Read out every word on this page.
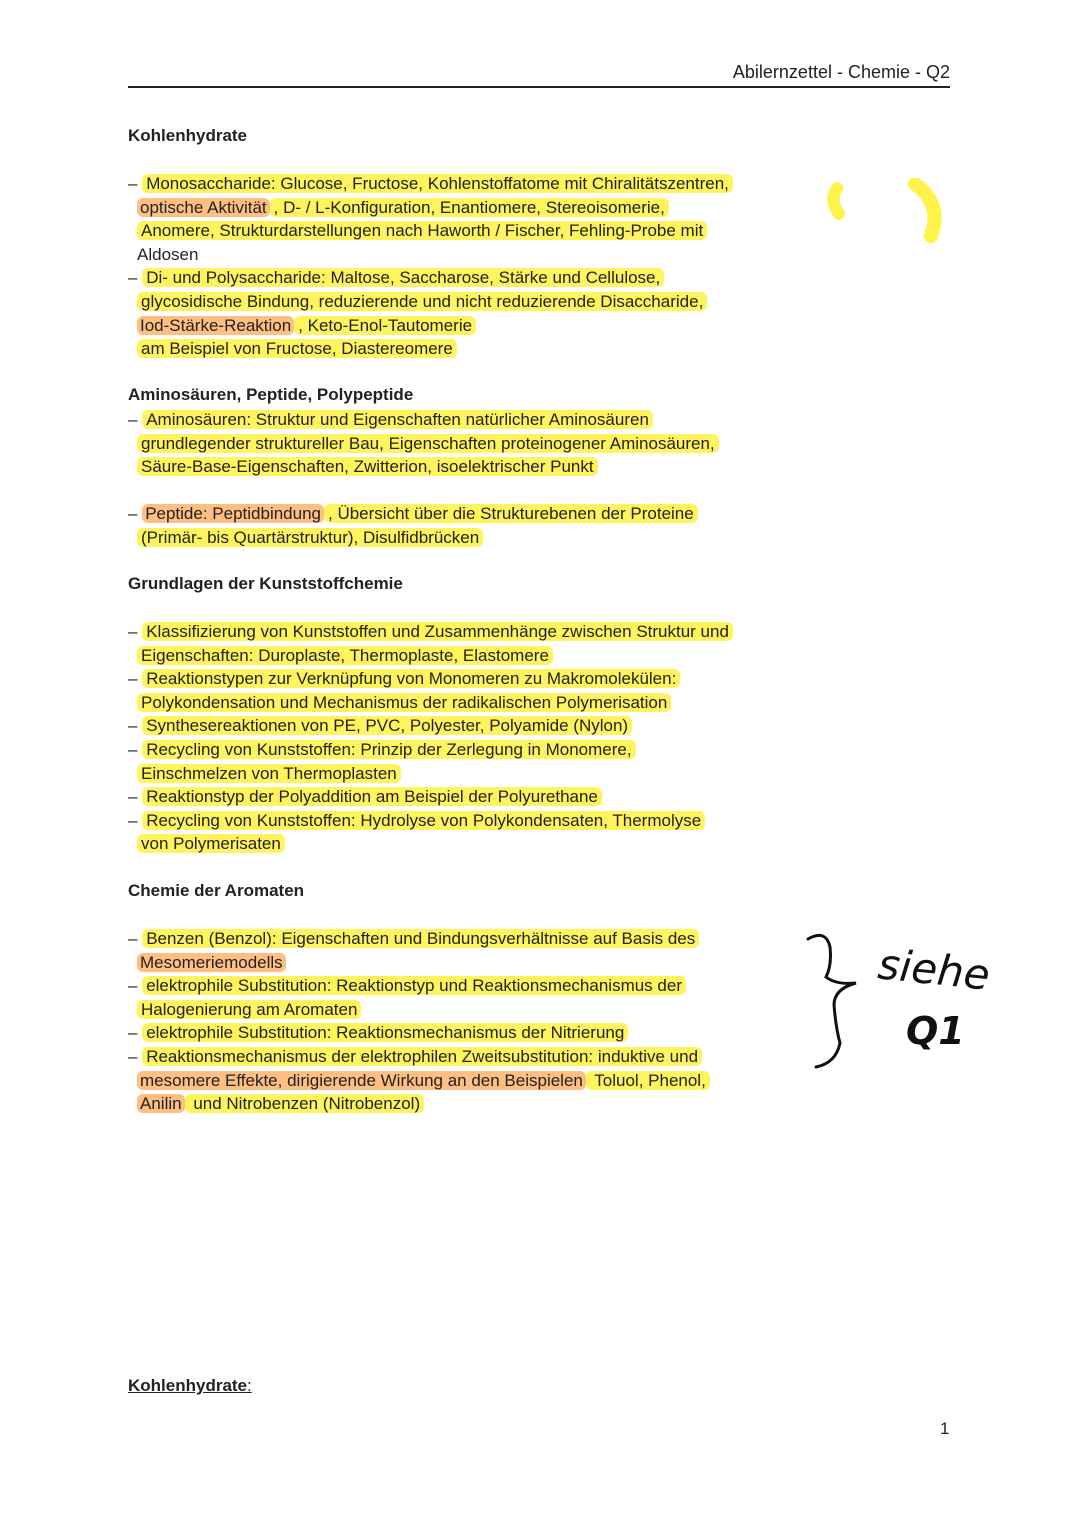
Abilernzettel - Chemie - Q2
Kohlenhydrate
– Monosaccharide: Glucose, Fructose, Kohlenstoffatome mit Chiralitätszentren,
optische Aktivität , D- / L-Konfiguration, Enantiomere, Stereoisomerie,
Anomere, Strukturdarstellungen nach Haworth / Fischer, Fehling-Probe mit
Aldosen
– Di- und Polysaccharide: Maltose, Saccharose, Stärke und Cellulose,
glycosidische Bindung, reduzierende und nicht reduzierende Disaccharide,
Iod-Stärke-Reaktion , Keto-Enol-Tautomerie
am Beispiel von Fructose, Diastereomere
Aminosäuren, Peptide, Polypeptide
– Aminosäuren: Struktur und Eigenschaften natürlicher Aminosäuren
grundlegender struktureller Bau, Eigenschaften proteinogener Aminosäuren,
Säure-Base-Eigenschaften, Zwitterion, isoelektrischer Punkt
– Peptide: Peptidbindung , Übersicht über die Strukturebenen der Proteine
(Primär- bis Quartärstruktur), Disulfidbrücken
Grundlagen der Kunststoffchemie
– Klassifizierung von Kunststoffen und Zusammenhänge zwischen Struktur und
Eigenschaften: Duroplaste, Thermoplaste, Elastomere
– Reaktionstypen zur Verknüpfung von Monomeren zu Makromolekülen:
Polykondensation und Mechanismus der radikalischen Polymerisation
– Synthesereaktionen von PE, PVC, Polyester, Polyamide (Nylon)
– Recycling von Kunststoffen: Prinzip der Zerlegung in Monomere,
Einschmelzen von Thermoplasten
– Reaktionstyp der Polyaddition am Beispiel der Polyurethane
– Recycling von Kunststoffen: Hydrolyse von Polykondensaten, Thermolyse
von Polymerisaten
Chemie der Aromaten
– Benzen (Benzol): Eigenschaften und Bindungsverhältnisse auf Basis des
Mesomeriemodells
– elektrophile Substitution: Reaktionstyp und Reaktionsmechanismus der
Halogenierung am Aromaten
– elektrophile Substitution: Reaktionsmechanismus der Nitrierung
– Reaktionsmechanismus der elektrophilen Zweitsubstitution: induktive und
mesomere Effekte, dirigierende Wirkung an den Beispielen Toluol, Phenol,
Anilin und Nitrobenzen (Nitrobenzol)
siehe
Q1
Kohlenhydrate:
1
